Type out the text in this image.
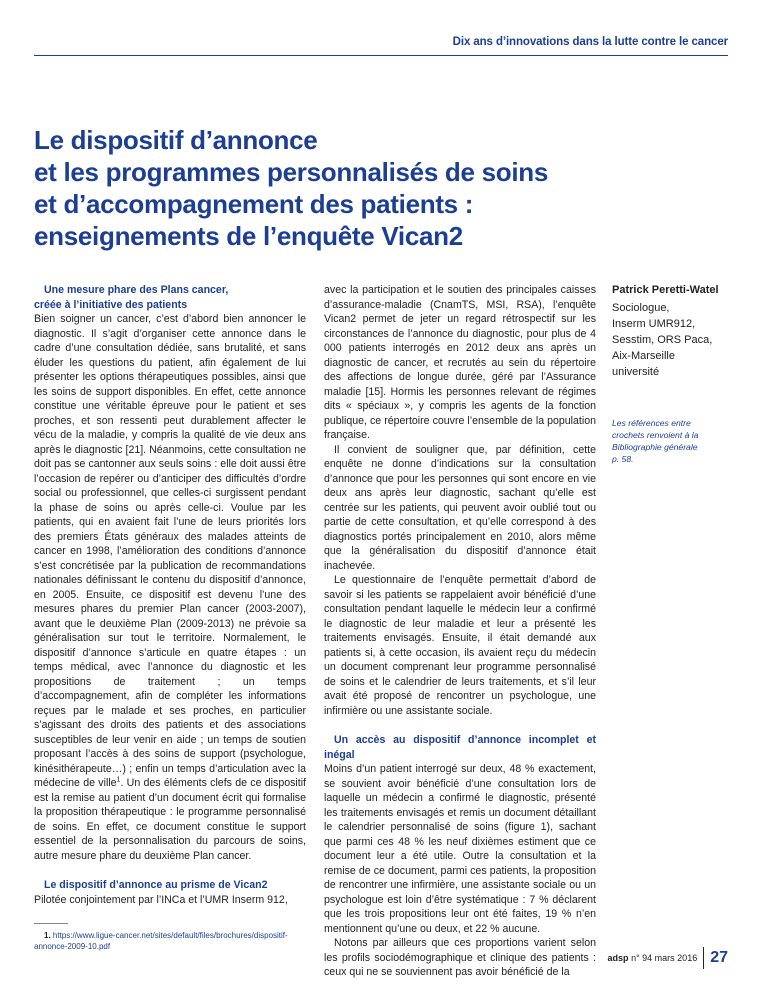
Dix ans d’innovations dans la lutte contre le cancer
Le dispositif d’annonce
et les programmes personnalisés de soins
et d’accompagnement des patients :
enseignements de l’enquête Vican2

Une mesure phare des Plans cancer,
créée à l’initiative des patients

Bien soigner un cancer, c’est d’abord bien annoncer le diagnostic. Il s’agit d’organiser cette annonce dans le cadre d’une consultation dédiée, sans brutalité, et sans éluder les questions du patient, afin également de lui présenter les options thérapeutiques possibles, ainsi que les soins de support disponibles. En effet, cette annonce constitue une véritable épreuve pour le patient et ses proches, et son ressenti peut durablement affecter le vécu de la maladie, y compris la qualité de vie deux ans après le diagnostic [21]. Néanmoins, cette consultation ne doit pas se cantonner aux seuls soins : elle doit aussi être l’occasion de repérer ou d’anticiper des difficultés d’ordre social ou professionnel, que celles-ci surgissent pendant la phase de soins ou après celle-ci. Voulue par les patients, qui en avaient fait l’une de leurs priorités lors des premiers États généraux des malades atteints de cancer en 1998, l’amélioration des conditions d’annonce s’est concrétisée par la publication de recommandations nationales définissant le contenu du dispositif d’annonce, en 2005. Ensuite, ce dispositif est devenu l’une des mesures phares du premier Plan cancer (2003-2007), avant que le deuxième Plan (2009-2013) ne prévoie sa généralisation sur tout le territoire. Normalement, le dispositif d’annonce s’articule en quatre étapes : un temps médical, avec l’annonce du diagnostic et les propositions de traitement ; un temps d’accompagnement, afin de compléter les informations reçues par le malade et ses proches, en particulier s’agissant des droits des patients et des associations susceptibles de leur venir en aide ; un temps de soutien proposant l’accès à des soins de support (psychologue, kinésithérapeute…) ; enfin un temps d’articulation avec la médecine de ville$^1$. Un des éléments clefs de ce dispositif est la remise au patient d’un document écrit qui formalise la proposition thérapeutique : le programme personnalisé de soins. En effet, ce document constitue le support essentiel de la personnalisation du parcours de soins, autre mesure phare du deuxième Plan cancer.

Le dispositif d’annonce au prisme de Vican2

Pilotée conjointement par l’INCa et l’UMR Inserm 912,

1. https://www.ligue-cancer.net/sites/default/files/brochures/dispositif-annonce-2009-10.pdf

avec la participation et le soutien des principales caisses d’assurance-maladie (CnamTS, MSI, RSA), l’enquête Vican2 permet de jeter un regard rétrospectif sur les circonstances de l’annonce du diagnostic, pour plus de 4 000 patients interrogés en 2012 deux ans après un diagnostic de cancer, et recrutés au sein du répertoire des affections de longue durée, géré par l’Assurance maladie [15]. Hormis les personnes relevant de régimes dits « spéciaux », y compris les agents de la fonction publique, ce répertoire couvre l’ensemble de la population française.

Il convient de souligner que, par définition, cette enquête ne donne d’indications sur la consultation d’annonce que pour les personnes qui sont encore en vie deux ans après leur diagnostic, sachant qu’elle est centrée sur les patients, qui peuvent avoir oublié tout ou partie de cette consultation, et qu’elle correspond à des diagnostics portés principalement en 2010, alors même que la généralisation du dispositif d’annonce était inachevée.

Le questionnaire de l’enquête permettait d’abord de savoir si les patients se rappelaient avoir bénéficié d’une consultation pendant laquelle le médecin leur a confirmé le diagnostic de leur maladie et leur a présenté les traitements envisagés. Ensuite, il était demandé aux patients si, à cette occasion, ils avaient reçu du médecin un document comprenant leur programme personnalisé de soins et le calendrier de leurs traitements, et s’il leur avait été proposé de rencontrer un psychologue, une infirmière ou une assistante sociale.

Un accès au dispositif d’annonce incomplet et inégal

Moins d’un patient interrogé sur deux, 48 % exactement, se souvient avoir bénéficié d’une consultation lors de laquelle un médecin a confirmé le diagnostic, présenté les traitements envisagés et remis un document détaillant le calendrier personnalisé de soins (figure 1), sachant que parmi ces 48 % les neuf dixièmes estiment que ce document leur a été utile. Outre la consultation et la remise de ce document, parmi ces patients, la proposition de rencontrer une infirmière, une assistante sociale ou un psychologue est loin d’être systématique : 7 % déclarent que les trois propositions leur ont été faites, 19 % n’en mentionnent qu’une ou deux, et 22 % aucune.

Notons par ailleurs que ces proportions varient selon les profils sociodémographique et clinique des patients : ceux qui ne se souviennent pas avoir bénéficié de la

Patrick Peretti-Watel

Sociologue,
Inserm UMR912,
Sesstim, ORS Paca,
Aix-Marseille
université

Les références entre
crochets renvoient à la
Bibliographie générale
p. 58.

adsp n° 94 mars 2016 27
